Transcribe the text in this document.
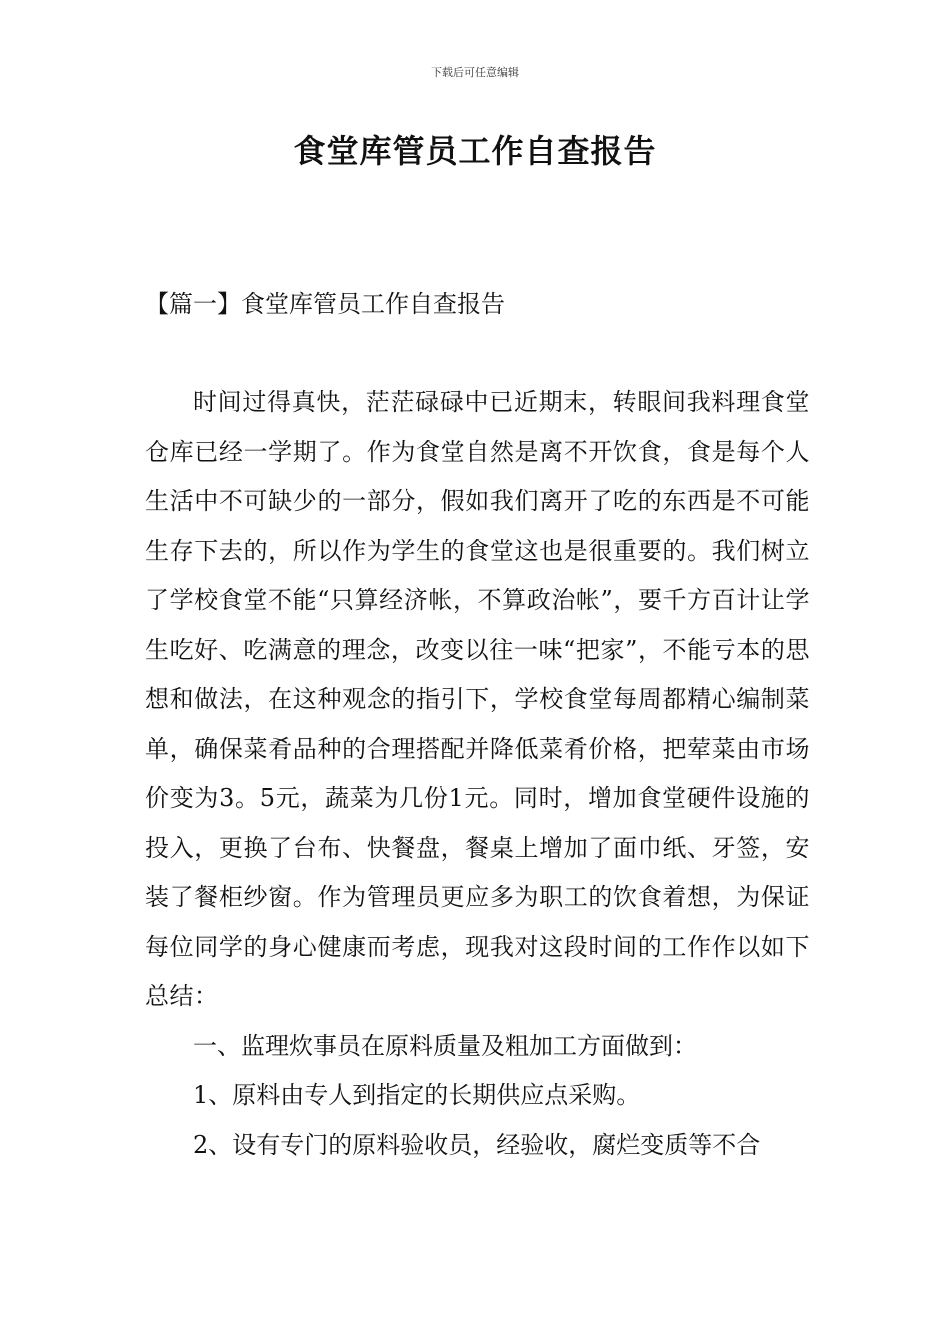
下载后可任意编辑
食堂库管员工作自查报告
【篇一】食堂库管员工作自查报告

时间过得真快，茫茫碌碌中已近期末，转眼间我料理食堂仓库已经一学期了。作为食堂自然是离不开饮食，食是每个人生活中不可缺少的一部分，假如我们离开了吃的东西是不可能生存下去的，所以作为学生的食堂这也是很重要的。我们树立了学校食堂不能“只算经济帐，不算政治帐”，要千方百计让学生吃好、吃满意的理念，改变以往一味“把家”，不能亏本的思想和做法，在这种观念的指引下，学校食堂每周都精心编制菜单，确保菜肴品种的合理搭配并降低菜肴价格，把荤菜由市场价变为3。5元，蔬菜为几份1元。同时，增加食堂硬件设施的投入，更换了台布、快餐盘，餐桌上增加了面巾纸、牙签，安装了餐柜纱窗。作为管理员更应多为职工的饮食着想，为保证每位同学的身心健康而考虑，现我对这段时间的工作作以如下总结：

一、监理炊事员在原料质量及粗加工方面做到：

1、原料由专人到指定的长期供应点采购。

2、设有专门的原料验收员，经验收，腐烂变质等不合
